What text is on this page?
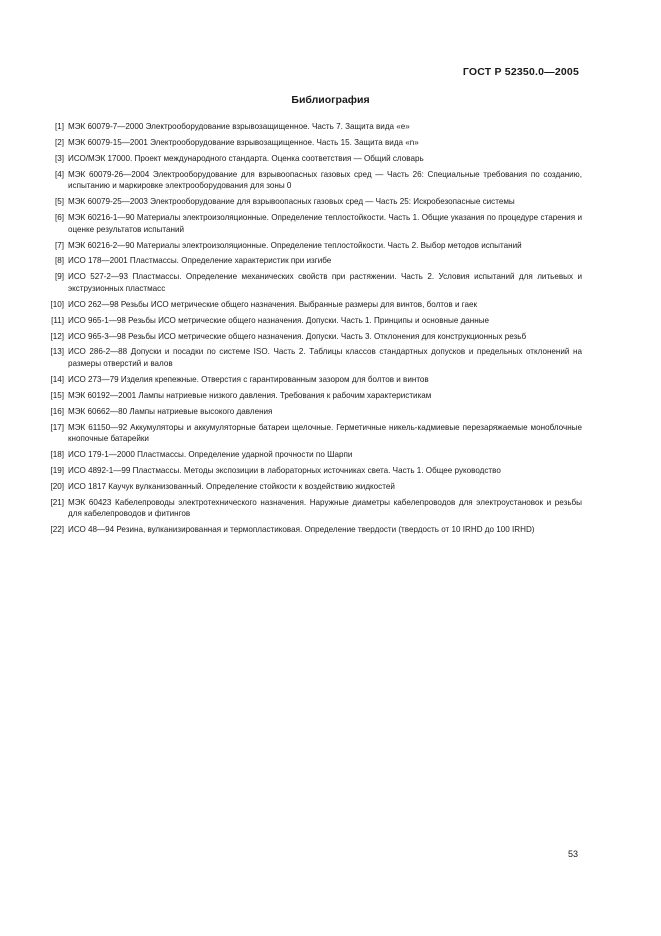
ГОСТ Р 52350.0—2005
Библиография
[1] МЭК 60079-7—2000 Электрооборудование взрывозащищенное. Часть 7. Защита вида «е»
[2] МЭК 60079-15—2001 Электрооборудование взрывозащищенное. Часть 15. Защита вида «n»
[3] ИСО/МЭК 17000. Проект международного стандарта. Оценка соответствия — Общий словарь
[4] МЭК 60079-26—2004 Электрооборудование для взрывоопасных газовых сред — Часть 26: Специальные требования по созданию, испытанию и маркировке электрооборудования для зоны 0
[5] МЭК 60079-25—2003 Электрооборудование для взрывоопасных газовых сред — Часть 25: Искробезопасные системы
[6] МЭК 60216-1—90 Материалы электроизоляционные. Определение теплостойкости. Часть 1. Общие указания по процедуре старения и оценке результатов испытаний
[7] МЭК 60216-2—90 Материалы электроизоляционные. Определение теплостойкости. Часть 2. Выбор методов испытаний
[8] ИСО 178—2001 Пластмассы. Определение характеристик при изгибе
[9] ИСО 527-2—93 Пластмассы. Определение механических свойств при растяжении. Часть 2. Условия испытаний для литьевых и экструзионных пластмасс
[10] ИСО 262—98 Резьбы ИСО метрические общего назначения. Выбранные размеры для винтов, болтов и гаек
[11] ИСО 965-1—98 Резьбы ИСО метрические общего назначения. Допуски. Часть 1. Принципы и основные данные
[12] ИСО 965-3—98 Резьбы ИСО метрические общего назначения. Допуски. Часть 3. Отклонения для конструкционных резьб
[13] ИСО 286-2—88 Допуски и посадки по системе ISO. Часть 2. Таблицы классов стандартных допусков и предельных отклонений на размеры отверстий и валов
[14] ИСО 273—79 Изделия крепежные. Отверстия с гарантированным зазором для болтов и винтов
[15] МЭК 60192—2001 Лампы натриевые низкого давления. Требования к рабочим характеристикам
[16] МЭК 60662—80 Лампы натриевые высокого давления
[17] МЭК 61150—92 Аккумуляторы и аккумуляторные батареи щелочные. Герметичные никель-кадмиевые перезаряжаемые моноблочные кнопочные батарейки
[18] ИСО 179-1—2000 Пластмассы. Определение ударной прочности по Шарпи
[19] ИСО 4892-1—99 Пластмассы. Методы экспозиции в лабораторных источниках света. Часть 1. Общее руководство
[20] ИСО 1817 Каучук вулканизованный. Определение стойкости к воздействию жидкостей
[21] МЭК 60423 Кабелепроводы электротехнического назначения. Наружные диаметры кабелепроводов для электроустановок и резьбы для кабелепроводов и фитингов
[22] ИСО 48—94 Резина, вулканизированная и термопластиковая. Определение твердости (твердость от 10 IRHD до 100 IRHD)
53
